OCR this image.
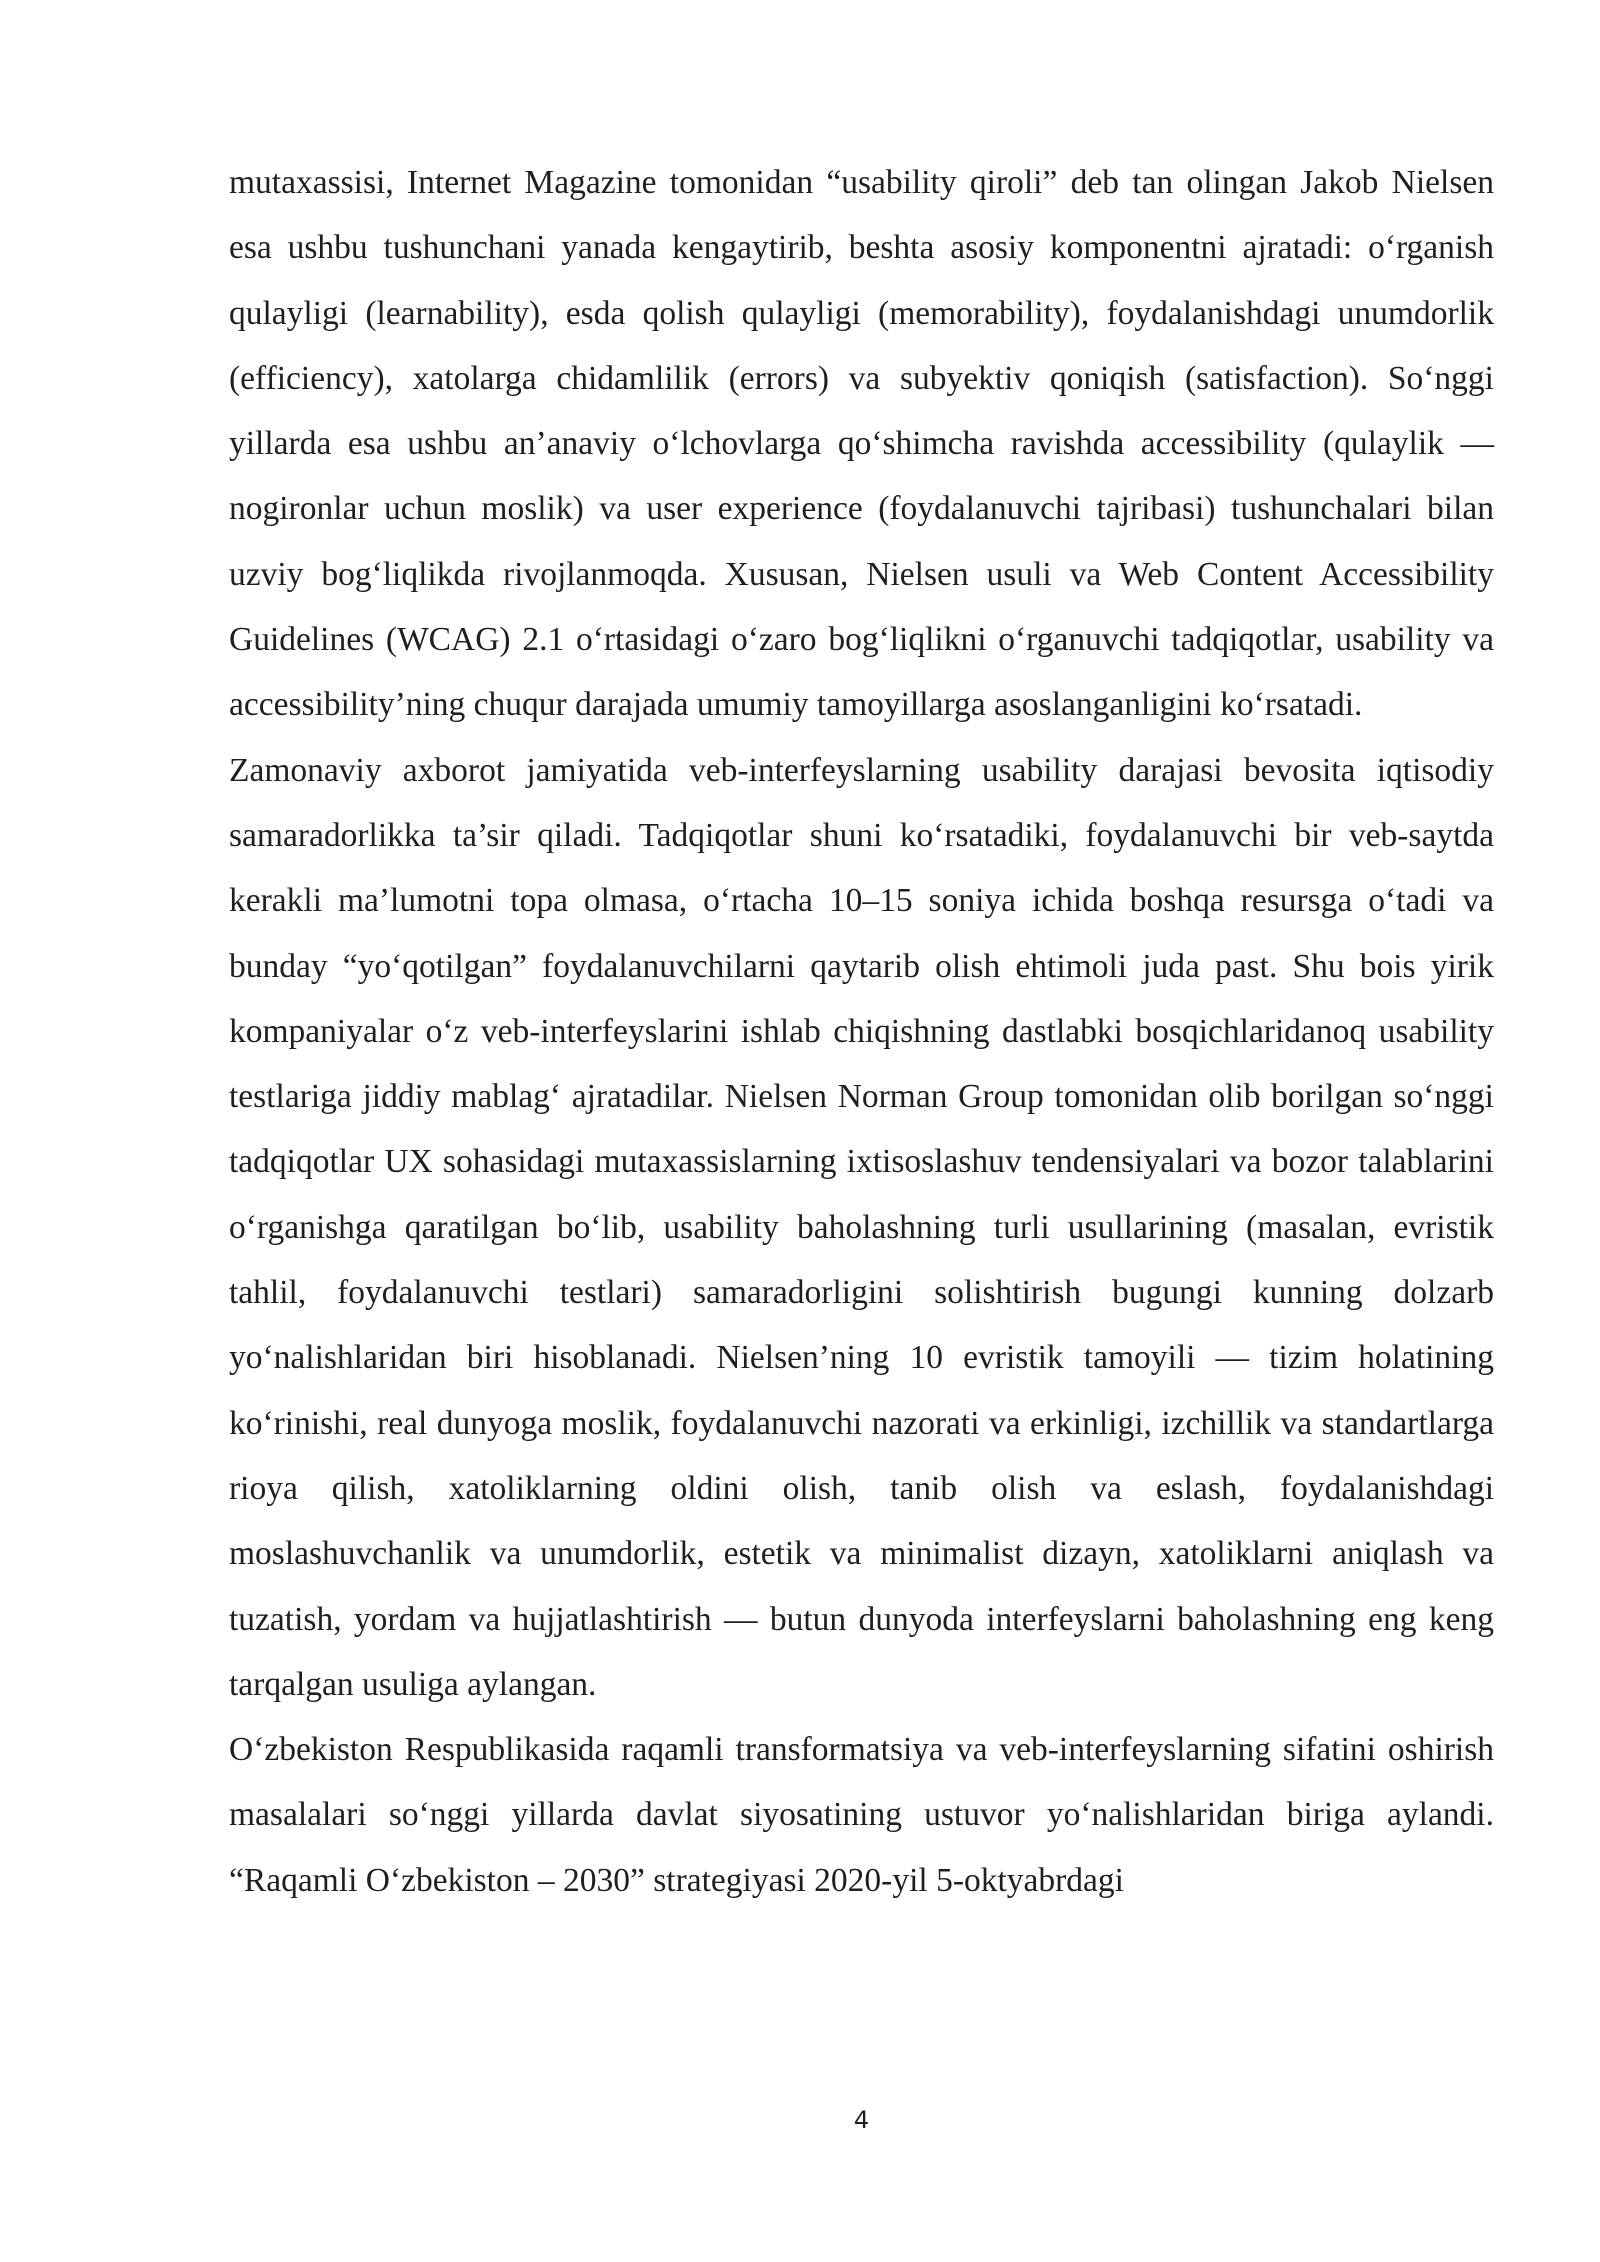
mutaxassisi, Internet Magazine tomonidan “usability qiroli” deb tan olingan Jakob Nielsen esa ushbu tushunchani yanada kengaytirib, beshta asosiy komponentni ajratadi: oʻrganish qulayligi (learnability), esda qolish qulayligi (memorability), foydalanishdagi unumdorlik (efficiency), xatolarga chidamlilik (errors) va subyektiv qoniqish (satisfaction). Soʻnggi yillarda esa ushbu an’anaviy oʻlchovlarga qoʻshimcha ravishda accessibility (qulaylik — nogironlar uchun moslik) va user experience (foydalanuvchi tajribasi) tushunchalari bilan uzviy bogʻliqlikda rivojlanmoqda. Xususan, Nielsen usuli va Web Content Accessibility Guidelines (WCAG) 2.1 oʻrtasidagi oʻzaro bogʻliqlikni oʻrganuvchi tadqiqotlar, usability va accessibility’ning chuqur darajada umumiy tamoyillarga asoslanganligini koʻrsatadi.

Zamonaviy axborot jamiyatida veb-interfeyslarning usability darajasi bevosita iqtisodiy samaradorlikka ta’sir qiladi. Tadqiqotlar shuni koʻrsatadiki, foydalanuvchi bir veb-saytda kerakli ma’lumotni topa olmasa, oʻrtacha 10–15 soniya ichida boshqa resursga oʻtadi va bunday “yoʻqotilgan” foydalanuvchilarni qaytarib olish ehtimoli juda past. Shu bois yirik kompaniyalar oʻz veb-interfeyslarini ishlab chiqishning dastlabki bosqichlaridanoq usability testlariga jiddiy mablagʻ ajratadilar. Nielsen Norman Group tomonidan olib borilgan soʻnggi tadqiqotlar UX sohasidagi mutaxassislarning ixtisoslashuv tendensiyalari va bozor talablarini oʻrganishga qaratilgan boʻlib, usability baholashning turli usullarining (masalan, evristik tahlil, foydalanuvchi testlari) samaradorligini solishtirish bugungi kunning dolzarb yoʻnalishlaridan biri hisoblanadi. Nielsen’ning 10 evristik tamoyili — tizim holatining koʻrinishi, real dunyoga moslik, foydalanuvchi nazorati va erkinligi, izchillik va standartlarga rioya qilish, xatoliklarning oldini olish, tanib olish va eslash, foydalanishdagi moslashuvchanlik va unumdorlik, estetik va minimalist dizayn, xatoliklarni aniqlash va tuzatish, yordam va hujjatlashtirish — butun dunyoda interfeyslarni baholashning eng keng tarqalgan usuliga aylangan.

Oʻzbekiston Respublikasida raqamli transformatsiya va veb-interfeyslarning sifatini oshirish masalalari soʻnggi yillarda davlat siyosatining ustuvor yoʻnalishlaridan biriga aylandi. “Raqamli Oʻzbekiston – 2030” strategiyasi 2020-yil 5-oktyabrdagi

4
